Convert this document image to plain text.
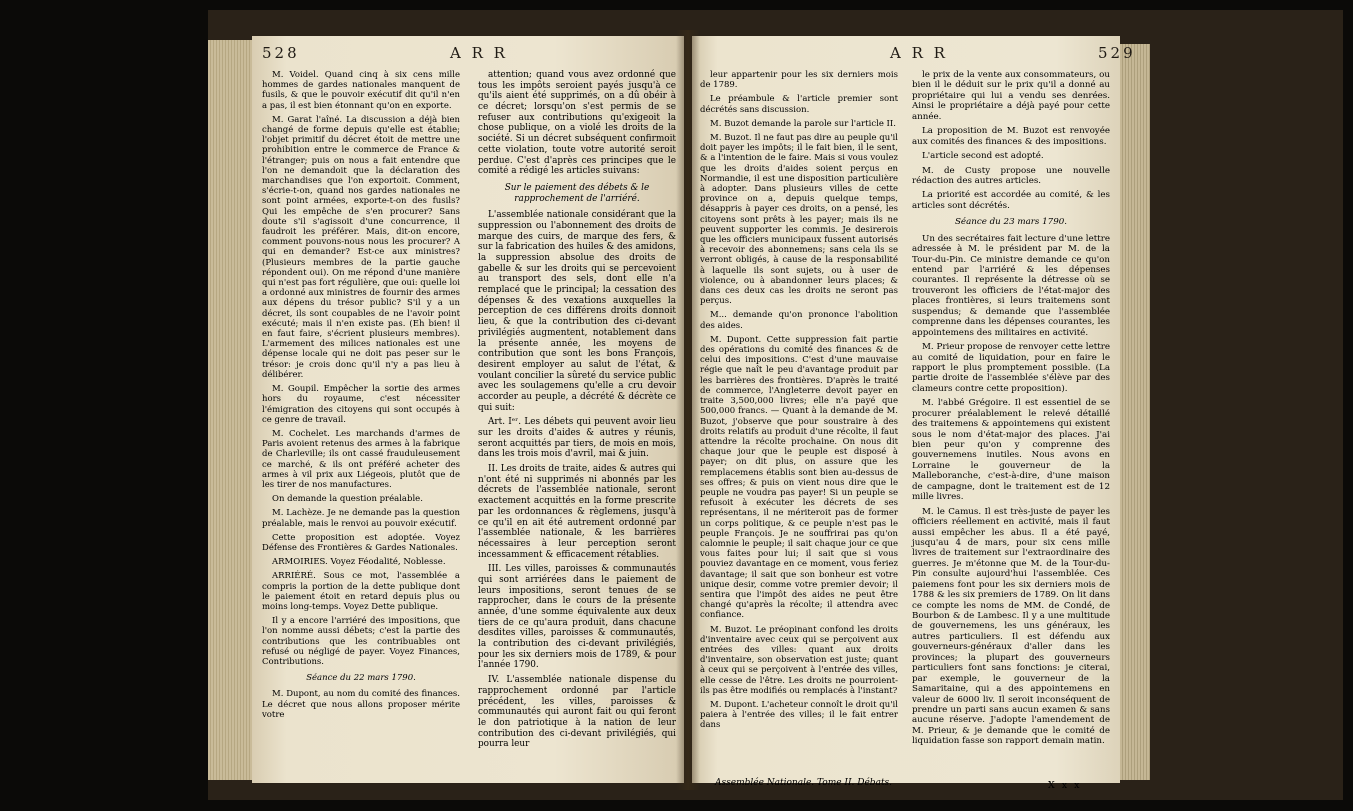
528	A R R	529
A R R

M. Voidel. Quand cinq à six cens mille hommes de gardes nationales manquent de fusils, & que le pouvoir exécutif dit qu'il n'en a pas, il est bien étonnant qu'on en exporte.

M. Garat l'aîné. La discussion a déjà bien changé de forme depuis qu'elle est établie; l'objet primitif du décret étoit de mettre une prohibition entre le commerce de France & l'étranger; puis on nous a fait entendre que l'on ne demandoit que la déclaration des marchandises que l'on exportoit. Comment, s'écrie-t-on, quand nos gardes nationales ne sont point armées, exporte-t-on des fusils? Qui les empêche de s'en procurer? Sans doute s'il s'agissoit d'une concurrence, il faudroit les préférer. Mais, dit-on encore, comment pouvons-nous nous les procurer? A qui en demander? Est-ce aux ministres? (Plusieurs membres de la partie gauche répondent oui). On me répond d'une manière qui n'est pas fort régulière, que oui: quelle loi a ordonné aux ministres de fournir des armes aux dépens du trésor public? S'il y a un décret, ils sont coupables de ne l'avoir point exécuté; mais il n'en existe pas. (Eh bien! il en faut faire, s'écrient plusieurs membres). L'armement des milices nationales est une dépense locale qui ne doit pas peser sur le trésor: je crois donc qu'il n'y a pas lieu à délibérer.

M. Goupil. Empêcher la sortie des armes hors du royaume, c'est nécessiter l'émigration des citoyens qui sont occupés à ce genre de travail.

M. Cochelet. Les marchands d'armes de Paris avoient retenus des armes à la fabrique de Charleville; ils ont cassé frauduleusement ce marché, & ils ont préféré acheter des armes à vil prix aux Liégeois, plutôt que de les tirer de nos manufactures.

On demande la question préalable.

M. Lachèze. Je ne demande pas la question préalable, mais le renvoi au pouvoir exécutif.

Cette proposition est adoptée. Voyez Défense des Frontières & Gardes Nationales.

ARMOIRIES. Voyez Féodalité, Noblesse.

ARRIÉRÉ. Sous ce mot, l'assemblée a compris la portion de la dette publique dont le paiement étoit en retard depuis plus ou moins long-temps. Voyez Dette publique.

Il y a encore l'arriéré des impositions, que l'on nomme aussi débets; c'est la partie des contributions que les contribuables ont refusé ou négligé de payer. Voyez Finances, Contributions.

Séance du 22 mars 1790.

M. Dupont, au nom du comité des finances. Le décret que nous allons proposer mérite votre

attention; quand vous avez ordonné que tous les impôts seroient payés jusqu'à ce qu'ils aient été supprimés, on a dû obéir à ce décret; lorsqu'on s'est permis de se refuser aux contributions qu'exigeoit la chose publique, on a violé les droits de la société. Si un décret subséquent confirmoit cette violation, toute votre autorité seroit perdue. C'est d'après ces principes que le comité a rédigé les articles suivans:

Sur le paiement des débets & le rapprochement de l'arriéré.

L'assemblée nationale considérant que la suppression ou l'abonnement des droits de marque des cuirs, de marque des fers, & sur la fabrication des huiles & des amidons, la suppression absolue des droits de gabelle & sur les droits qui se percevoient au transport des sels, dont elle n'a remplacé que le principal; la cessation des dépenses & des vexations auxquelles la perception de ces différens droits donnoit lieu, & que la contribution des ci-devant privilégiés augmentent, notablement dans la présente année, les moyens de contribution que sont les bons François, desirent employer au salut de l'état, & voulant concilier la sûreté du service public avec les soulagemens qu'elle a cru devoir accorder au peuple, a décrété & décrète ce qui suit:

Art. Iᵉʳ. Les débets qui peuvent avoir lieu sur les droits d'aides & autres y réunis, seront acquittés par tiers, de mois en mois, dans les trois mois d'avril, mai & juin.

II. Les droits de traite, aides & autres qui n'ont été ni supprimés ni abonnés par les décrets de l'assemblée nationale, seront exactement acquittés en la forme prescrite par les ordonnances & règlemens, jusqu'à ce qu'il en ait été autrement ordonné par l'assemblée nationale, & les barrières nécessaires à leur perception seront incessamment & efficacement rétablies.

III. Les villes, paroisses & communautés qui sont arriérées dans le paiement de leurs impositions, seront tenues de se rapprocher, dans le cours de la présente année, d'une somme équivalente aux deux tiers de ce qu'aura produit, dans chacune desdites villes, paroisses & communautés, la contribution des ci-devant privilégiés, pour les six derniers mois de 1789, & pour l'année 1790.

IV. L'assemblée nationale dispense du rapprochement ordonné par l'article précédent, les villes, paroisses & communautés qui auront fait ou qui feront le don patriotique à la nation de leur contribution des ci-devant privilégiés, qui pourra leur

leur appartenir pour les six derniers mois de 1789.

Le préambule & l'article premier sont décrétés sans discussion.

M. Buzot demande la parole sur l'article II.

M. Buzot. Il ne faut pas dire au peuple qu'il doit payer les impôts; il le fait bien, il le sent, & a l'intention de le faire. Mais si vous voulez que les droits d'aides soient perçus en Normandie, il est une disposition particulière à adopter. Dans plusieurs villes de cette province on a, depuis quelque temps, désappris à payer ces droits, on a pensé, les citoyens sont prêts à les payer; mais ils ne peuvent supporter les commis. Je desirerois que les officiers municipaux fussent autorisés à recevoir des abonnemens; sans cela ils se verront obligés, à cause de la responsabilité à laquelle ils sont sujets, ou à user de violence, ou à abandonner leurs places; & dans ces deux cas les droits ne seront pas perçus.

M... demande qu'on prononce l'abolition des aides.

M. Dupont. Cette suppression fait partie des opérations du comité des finances & de celui des impositions. C'est d'une mauvaise régie que naît le peu d'avantage produit par les barrières des frontières. D'après le traité de commerce, l'Angleterre devoit payer en traite 3,500,000 livres; elle n'a payé que 500,000 francs. — Quant à la demande de M. Buzot, j'observe que pour soustraire à des droits relatifs au produit d'une récolte, il faut attendre la récolte prochaine. On nous dit chaque jour que le peuple est disposé à payer; on dit plus, on assure que les remplacemens établis sont bien au-dessus de ses offres; & puis on vient nous dire que le peuple ne voudra pas payer! Si un peuple se refusoit à exécuter les décrets de ses représentans, il ne mériteroit pas de former un corps politique, & ce peuple n'est pas le peuple François. Je ne souffrirai pas qu'on calomnie le peuple; il sait chaque jour ce que vous faites pour lui; il sait que si vous pouviez davantage en ce moment, vous feriez davantage; il sait que son bonheur est votre unique desir, comme votre premier devoir; il sentira que l'impôt des aides ne peut être changé qu'après la récolte; il attendra avec confiance.

M. Buzot. Le préopinant confond les droits d'inventaire avec ceux qui se perçoivent aux entrées des villes: quant aux droits d'inventaire, son observation est juste; quant à ceux qui se perçoivent à l'entrée des villes, elle cesse de l'être. Les droits ne pourroient-ils pas être modifiés ou remplacés à l'instant?

M. Dupont. L'acheteur connoît le droit qu'il paiera à l'entrée des villes; il le fait entrer dans

le prix de la vente aux consommateurs, ou bien il le déduit sur le prix qu'il a donné au propriétaire qui lui a vendu ses denrées. Ainsi le propriétaire a déjà payé pour cette année.

La proposition de M. Buzot est renvoyée aux comités des finances & des impositions.

L'article second est adopté.

M. de Custy propose une nouvelle rédaction des autres articles.

La priorité est accordée au comité, & les articles sont décrétés.

Séance du 23 mars 1790.

Un des secrétaires fait lecture d'une lettre adressée à M. le président par M. de la Tour-du-Pin. Ce ministre demande ce qu'on entend par l'arriéré & les dépenses courantes. Il représente la détresse où se trouveront les officiers de l'état-major des places frontières, si leurs traitemens sont suspendus; & demande que l'assemblée comprenne dans les dépenses courantes, les appointemens des militaires en activité.

M. Prieur propose de renvoyer cette lettre au comité de liquidation, pour en faire le rapport le plus promptement possible. (La partie droite de l'assemblée s'élève par des clameurs contre cette proposition).

M. l'abbé Grégoire. Il est essentiel de se procurer préalablement le relevé détaillé des traitemens & appointemens qui existent sous le nom d'état-major des places. J'ai bien peur qu'on y comprenne des gouvernemens inutiles. Nous avons en Lorraine le gouverneur de la Malleboranche, c'est-à-dire, d'une maison de campagne, dont le traitement est de 12 mille livres.

M. le Camus. Il est très-juste de payer les officiers réellement en activité, mais il faut aussi empêcher les abus. Il a été payé, jusqu'au 4 de mars, pour six cens mille livres de traitement sur l'extraordinaire des guerres. Je m'étonne que M. de la Tour-du-Pin consulte aujourd'hui l'assemblée. Ces paiemens font pour les six derniers mois de 1788 & les six premiers de 1789. On lit dans ce compte les noms de MM. de Condé, de Bourbon & de Lambesc. Il y a une multitude de gouvernemens, les uns généraux, les autres particuliers. Il est défendu aux gouverneurs-généraux d'aller dans les provinces; la plupart des gouverneurs particuliers font sans fonctions: je citerai, par exemple, le gouverneur de la Samaritaine, qui a des appointemens en valeur de 6000 liv. Il seroit inconséquent de prendre un parti sans aucun examen & sans aucune réserve. J'adopte l'amendement de M. Prieur, & je demande que le comité de liquidation fasse son rapport demain matin.

Assemblée Nationale. Tome II. Débats.	X x x
